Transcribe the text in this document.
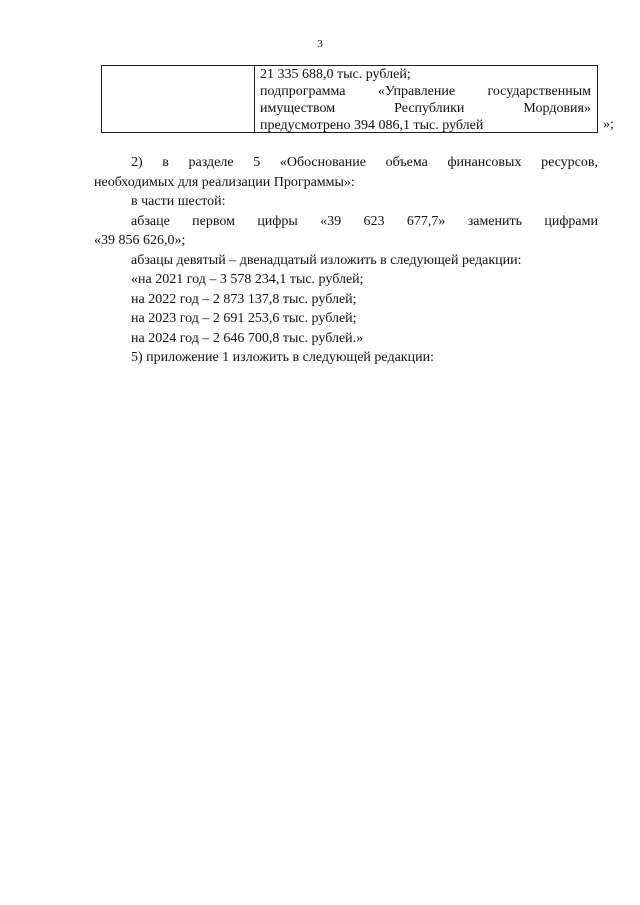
3
21 335 688,0 тыс. рублей;
подпрограмма «Управление государственным
имуществом Республики Мордовия»
предусмотрено 394 086,1 тыс. рублей	»;
2) в разделе 5 «Обоснование объема финансовых ресурсов,
необходимых для реализации Программы»:
в части шестой:
абзаце первом цифры «39 623 677,7» заменить цифрами
«39 856 626,0»;
абзацы девятый – двенадцатый изложить в следующей редакции:
«на 2021 год – 3 578 234,1 тыс. рублей;
на 2022 год – 2 873 137,8 тыс. рублей;
на 2023 год – 2 691 253,6 тыс. рублей;
на 2024 год – 2 646 700,8 тыс. рублей.»
5) приложение 1 изложить в следующей редакции:
